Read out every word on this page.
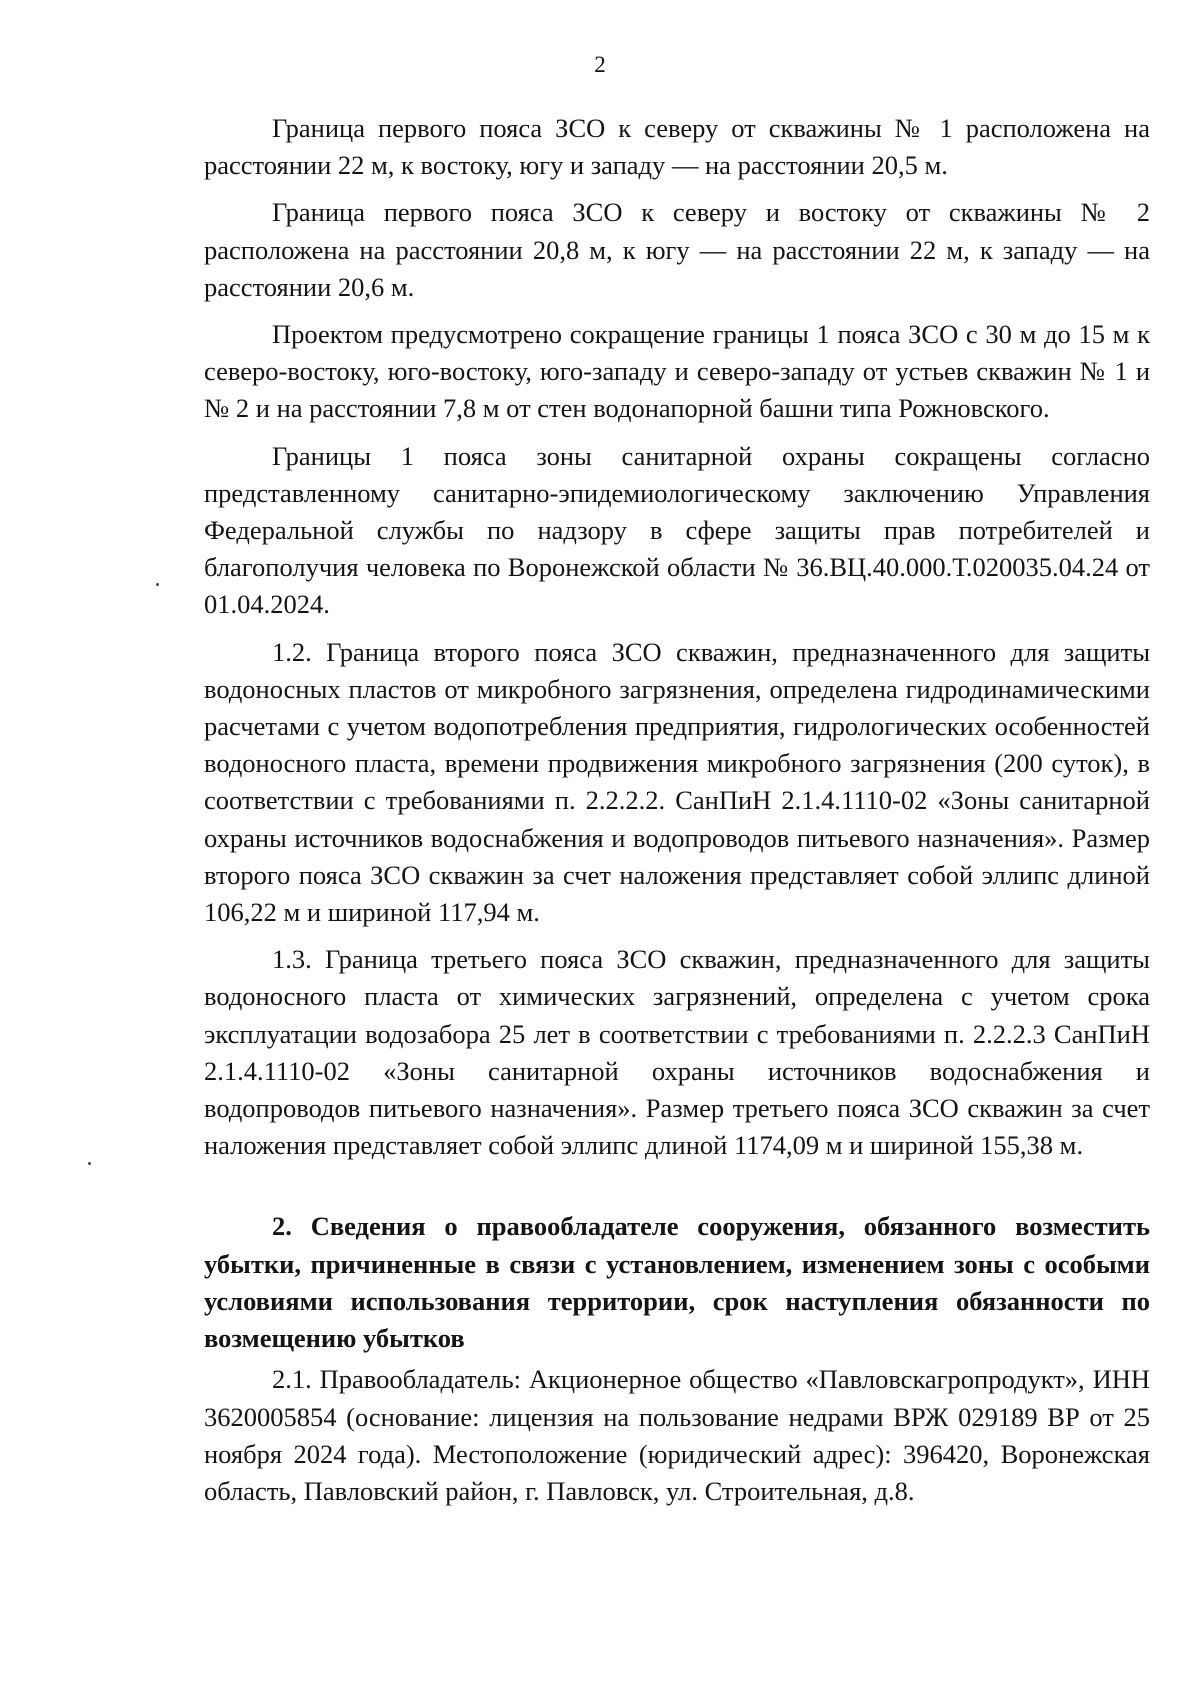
2

Граница первого пояса ЗСО к северу от скважины № 1 расположена на расстоянии 22 м, к востоку, югу и западу — на расстоянии 20,5 м.

Граница первого пояса ЗСО к северу и востоку от скважины № 2 расположена на расстоянии 20,8 м, к югу — на расстоянии 22 м, к западу — на расстоянии 20,6 м.

Проектом предусмотрено сокращение границы 1 пояса ЗСО с 30 м до 15 м к северо-востоку, юго-востоку, юго-западу и северо-западу от устьев скважин № 1 и № 2 и на расстоянии 7,8 м от стен водонапорной башни типа Рожновского.

Границы 1 пояса зоны санитарной охраны сокращены согласно представленному санитарно-эпидемиологическому заключению Управления Федеральной службы по надзору в сфере защиты прав потребителей и благополучия человека по Воронежской области № 36.ВЦ.40.000.Т.020035.04.24 от 01.04.2024.

1.2. Граница второго пояса ЗСО скважин, предназначенного для защиты водоносных пластов от микробного загрязнения, определена гидродинамическими расчетами с учетом водопотребления предприятия, гидрологических особенностей водоносного пласта, времени продвижения микробного загрязнения (200 суток), в соответствии с требованиями п. 2.2.2.2. СанПиН 2.1.4.1110-02 «Зоны санитарной охраны источников водоснабжения и водопроводов питьевого назначения». Размер второго пояса ЗСО скважин за счет наложения представляет собой эллипс длиной 106,22 м и шириной 117,94 м.

1.3. Граница третьего пояса ЗСО скважин, предназначенного для защиты водоносного пласта от химических загрязнений, определена с учетом срока эксплуатации водозабора 25 лет в соответствии с требованиями п. 2.2.2.3 СанПиН 2.1.4.1110-02 «Зоны санитарной охраны источников водоснабжения и водопроводов питьевого назначения». Размер третьего пояса ЗСО скважин за счет наложения представляет собой эллипс длиной 1174,09 м и шириной 155,38 м.

2. Сведения о правообладателе сооружения, обязанного возместить убытки, причиненные в связи с установлением, изменением зоны с особыми условиями использования территории, срок наступления обязанности по возмещению убытков

2.1. Правообладатель: Акционерное общество «Павловскагропродукт», ИНН 3620005854 (основание: лицензия на пользование недрами ВРЖ 029189 ВР от 25 ноября 2024 года). Местоположение (юридический адрес): 396420, Воронежская область, Павловский район, г. Павловск, ул. Строительная, д.8.
